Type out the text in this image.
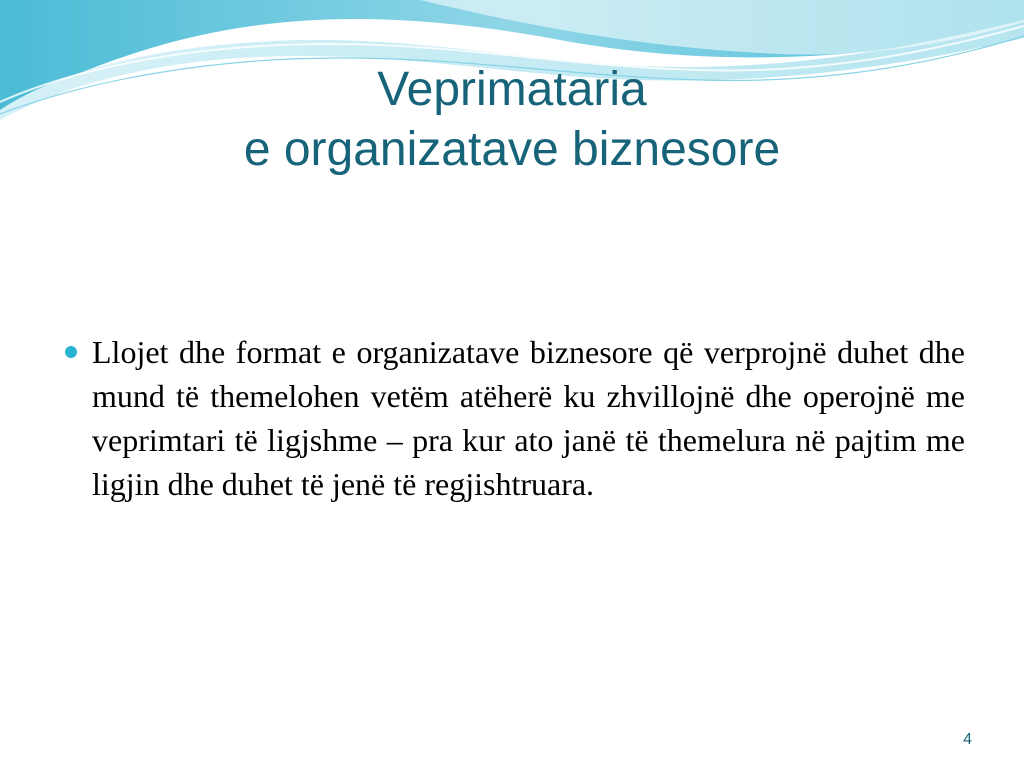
Veprimataria
e organizatave biznesore

Llojet dhe format e organizatave biznesore që verprojnë duhet dhe mund të themelohen vetëm atëherë ku zhvillojnë dhe operojnë me veprimtari të ligjshme – pra kur ato janë të themelura në pajtim me ligjin dhe duhet të jenë të regjishtruara.

4
